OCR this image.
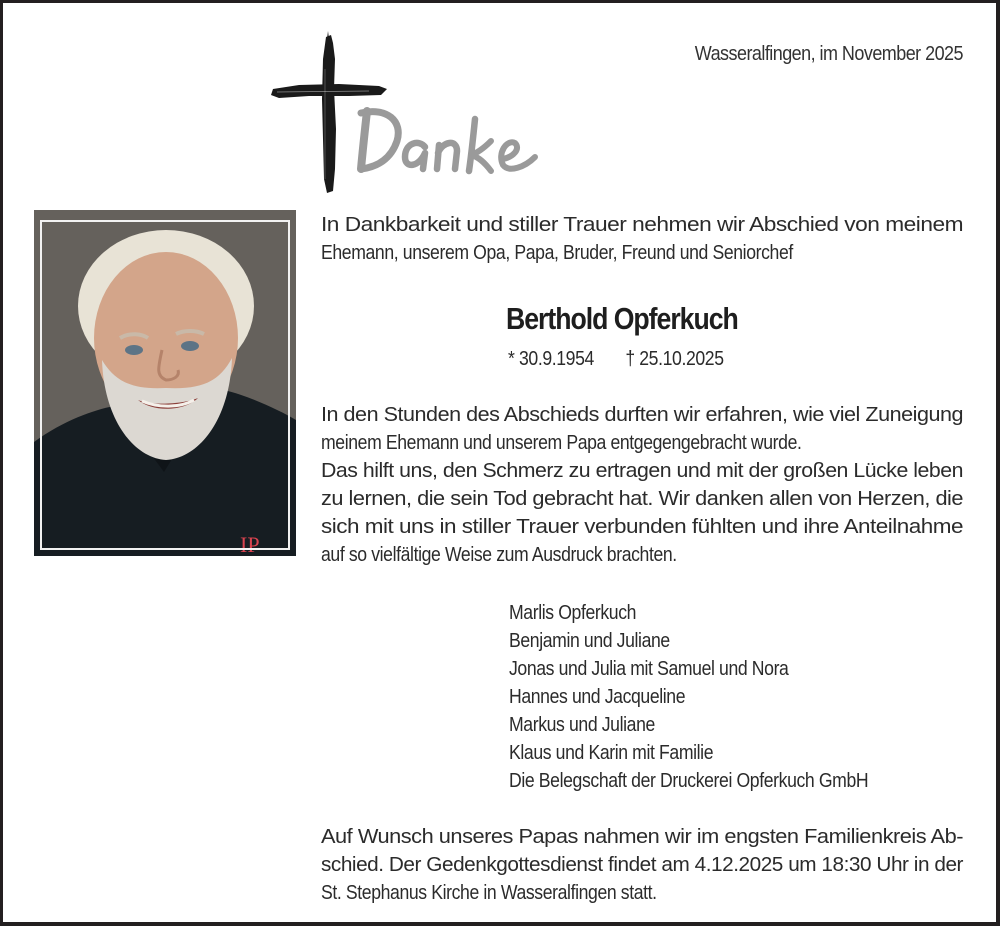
Wasseralfingen, im November 2025
IP
In Dankbarkeit und stiller Trauer nehmen wir Abschied von meinem
Ehemann, unserem Opa, Papa, Bruder, Freund und Seniorchef
Berthold Opferkuch
* 30.9.1954 † 25.10.2025
In den Stunden des Abschieds durften wir erfahren, wie viel Zuneigung
meinem Ehemann und unserem Papa entgegengebracht wurde.
Das hilft uns, den Schmerz zu ertragen und mit der großen Lücke leben
zu lernen, die sein Tod gebracht hat. Wir danken allen von Herzen, die
sich mit uns in stiller Trauer verbunden fühlten und ihre Anteilnahme
auf so vielfältige Weise zum Ausdruck brachten.
Marlis Opferkuch
Benjamin und Juliane
Jonas und Julia mit Samuel und Nora
Hannes und Jacqueline
Markus und Juliane
Klaus und Karin mit Familie
Die Belegschaft der Druckerei Opferkuch GmbH
Auf Wunsch unseres Papas nahmen wir im engsten Familienkreis Ab-
schied. Der Gedenkgottesdienst findet am 4.12.2025 um 18:30 Uhr in der
St. Stephanus Kirche in Wasseralfingen statt.
